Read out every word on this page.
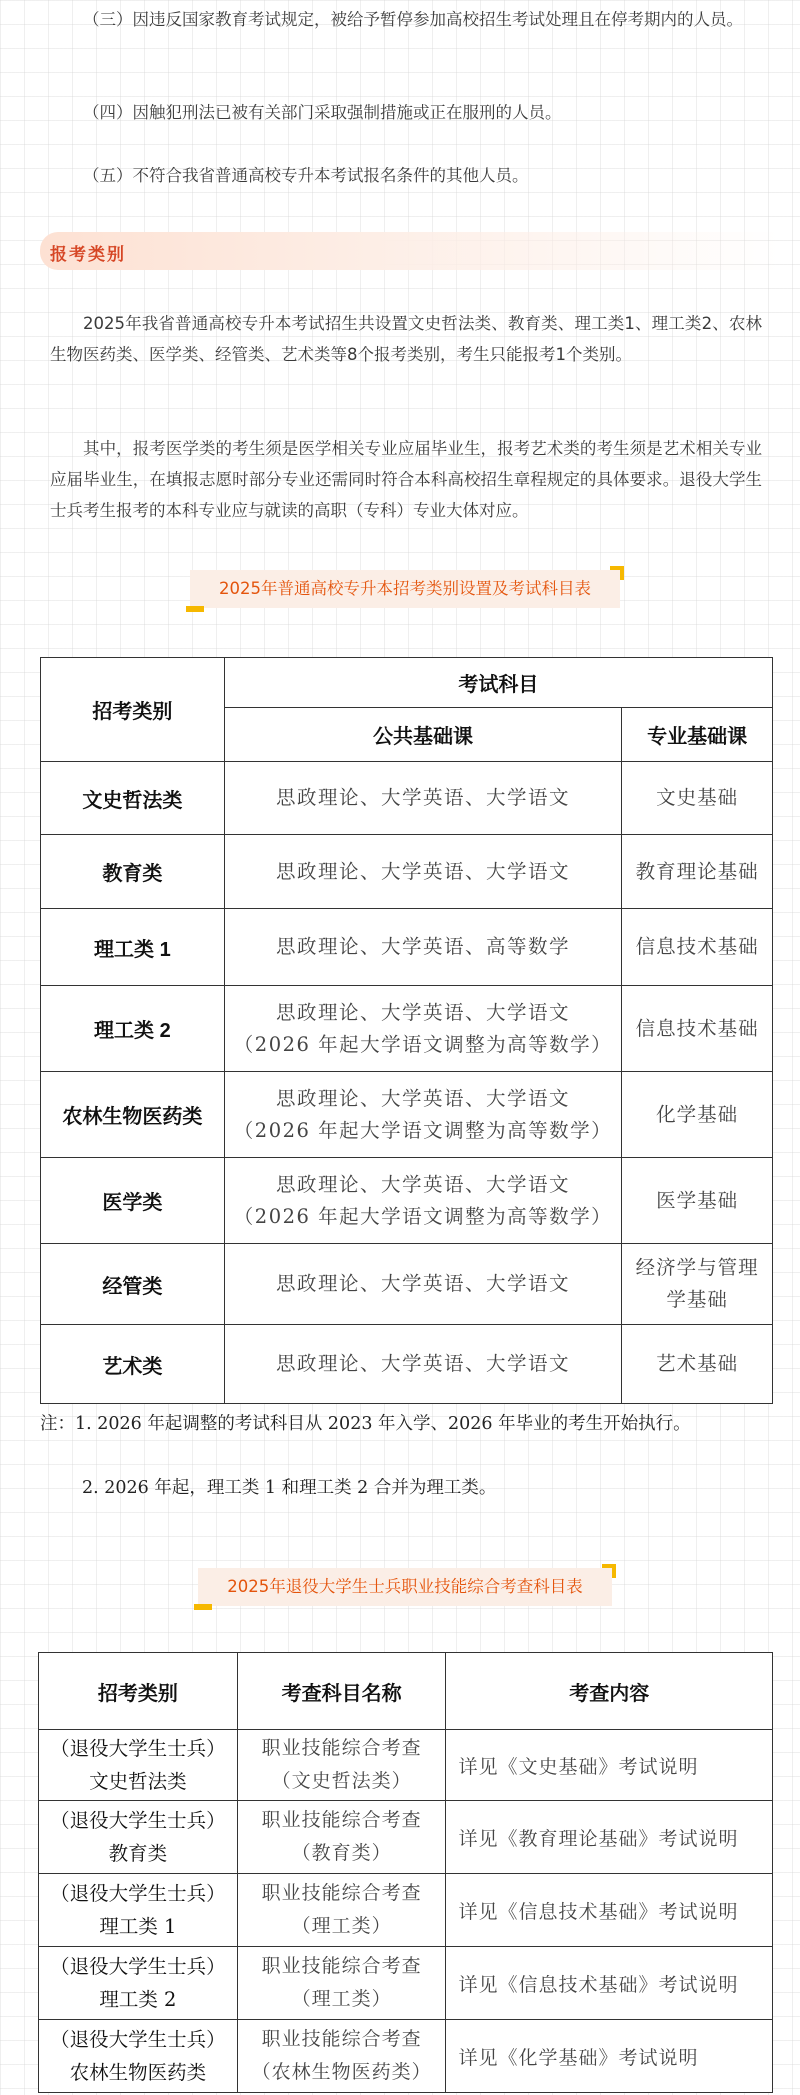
（三）因违反国家教育考试规定，被给予暂停参加高校招生考试处理且在停考期内的人员。

（四）因触犯刑法已被有关部门采取强制措施或正在服刑的人员。

（五）不符合我省普通高校专升本考试报名条件的其他人员。

报考类别

2025年我省普通高校专升本考试招生共设置文史哲法类、教育类、理工类1、理工类2、农林生物医药类、医学类、经管类、艺术类等8个报考类别，考生只能报考1个类别。

其中，报考医学类的考生须是医学相关专业应届毕业生，报考艺术类的考生须是艺术相关专业应届毕业生，在填报志愿时部分专业还需同时符合本科高校招生章程规定的具体要求。退役大学生士兵考生报考的本科专业应与就读的高职（专科）专业大体对应。

2025年普通高校专升本招考类别设置及考试科目表
招考类别	考试科目	
	公共基础课	专业基础课
文史哲法类	思政理论、大学英语、大学语文	文史基础

教育类	思政理论、大学英语、大学语文	教育理论基础

理工类 1	思政理论、大学英语、高等数学	信息技术基础

理工类 2	思政理论、大学英语、大学语文
（2026 年起大学语文调整为高等数学）	信息技术基础

农林生物医药类	思政理论、大学英语、大学语文
（2026 年起大学语文调整为高等数学）	化学基础

医学类	思政理论、大学英语、大学语文
（2026 年起大学语文调整为高等数学）	医学基础

经管类	思政理论、大学英语、大学语文	经济学与管理
学基础

艺术类	思政理论、大学英语、大学语文	艺术基础

注：1. 2026 年起调整的考试科目从 2023 年入学、2026 年毕业的考生开始执行。

2. 2026 年起，理工类 1 和理工类 2 合并为理工类。

2025年退役大学生士兵职业技能综合考查科目表
招考类别	考查科目名称	考查内容

（退役大学生士兵）
文史哲法类	职业技能综合考查
（文史哲法类）	详见《文史基础》考试说明

（退役大学生士兵）
教育类	职业技能综合考查
（教育类）	详见《教育理论基础》考试说明

（退役大学生士兵）
理工类 1	职业技能综合考查
（理工类）	详见《信息技术基础》考试说明

（退役大学生士兵）
理工类 2	职业技能综合考查
（理工类）	详见《信息技术基础》考试说明

（退役大学生士兵）
农林生物医药类	职业技能综合考查
（农林生物医药类）	详见《化学基础》考试说明
